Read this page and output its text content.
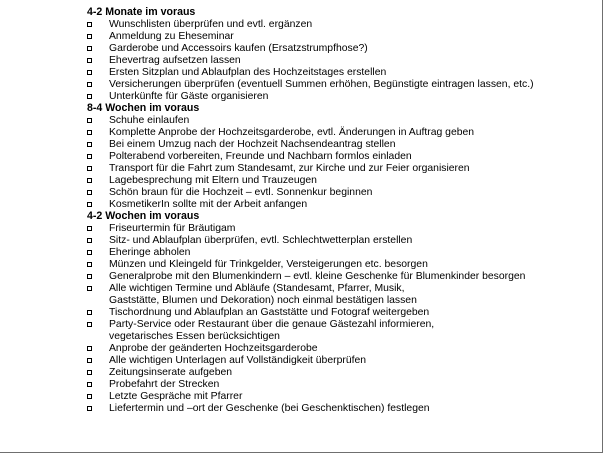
4-2 Monate im voraus
Wunschlisten überprüfen und evtl. ergänzen
Anmeldung zu Eheseminar
Garderobe und Accessoirs kaufen (Ersatzstrumpfhose?)
Ehevertrag aufsetzen lassen
Ersten Sitzplan und Ablaufplan des Hochzeitstages erstellen
Versicherungen überprüfen (eventuell Summen erhöhen, Begünstigte eintragen lassen, etc.)
Unterkünfte für Gäste organisieren
8-4 Wochen im voraus
Schuhe einlaufen
Komplette Anprobe der Hochzeitsgarderobe, evtl. Änderungen in Auftrag geben
Bei einem Umzug nach der Hochzeit Nachsendeantrag stellen
Polterabend vorbereiten, Freunde und Nachbarn formlos einladen
Transport für die Fahrt zum Standesamt, zur Kirche und zur Feier organisieren
Lagebesprechung mit Eltern und Trauzeugen
Schön braun für die Hochzeit – evtl. Sonnenkur beginnen
KosmetikerIn sollte mit der Arbeit anfangen
4-2 Wochen im voraus
Friseurtermin für Bräutigam
Sitz- und Ablaufplan überprüfen, evtl. Schlechtwetterplan erstellen
Eheringe abholen
Münzen und Kleingeld für Trinkgelder, Versteigerungen etc. besorgen
Generalprobe mit den Blumenkindern – evtl. kleine Geschenke für Blumenkinder besorgen
Alle wichtigen Termine und Abläufe (Standesamt, Pfarrer, Musik,
Gaststätte, Blumen und Dekoration) noch einmal bestätigen lassen
Tischordnung und Ablaufplan an Gaststätte und Fotograf weitergeben
Party-Service oder Restaurant über die genaue Gästezahl informieren,
vegetarisches Essen berücksichtigen
Anprobe der geänderten Hochzeitsgarderobe
Alle wichtigen Unterlagen auf Vollständigkeit überprüfen
Zeitungsinserate aufgeben
Probefahrt der Strecken
Letzte Gespräche mit Pfarrer
Liefertermin und –ort der Geschenke (bei Geschenktischen) festlegen
